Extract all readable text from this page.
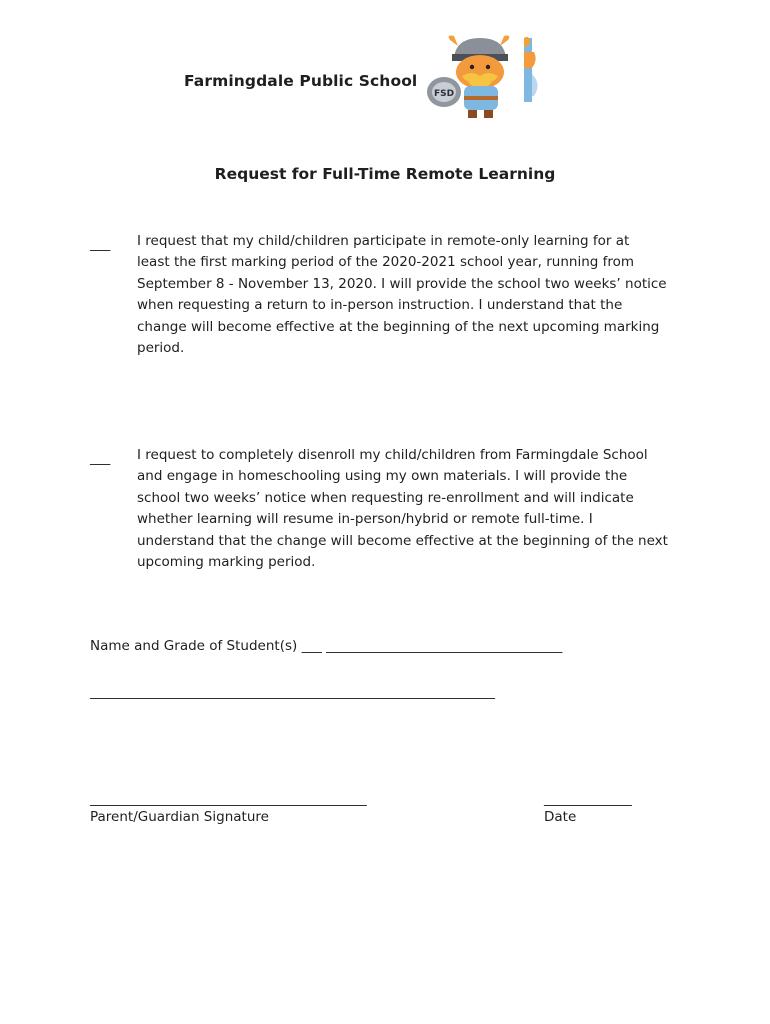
Farmingdale Public School
FSD
Request for Full-Time Remote Learning
___ I request that my child/children participate in remote-only learning for at
least the first marking period of the 2020-2021 school year, running from
September 8 - November 13, 2020. I will provide the school two weeks’ notice
when requesting a return to in-person instruction. I understand that the
change will become effective at the beginning of the next upcoming marking
period.
___ I request to completely disenroll my child/children from Farmingdale School
and engage in homeschooling using my own materials. I will provide the
school two weeks’ notice when requesting re-enrollment and will indicate
whether learning will resume in-person/hybrid or remote full-time. I
understand that the change will become effective at the beginning of the next
upcoming marking period.
Name and Grade of Student(s) ___ ___________________________________
____________________________________________________________
_________________________________________	_____________
Parent/Guardian Signature	Date
